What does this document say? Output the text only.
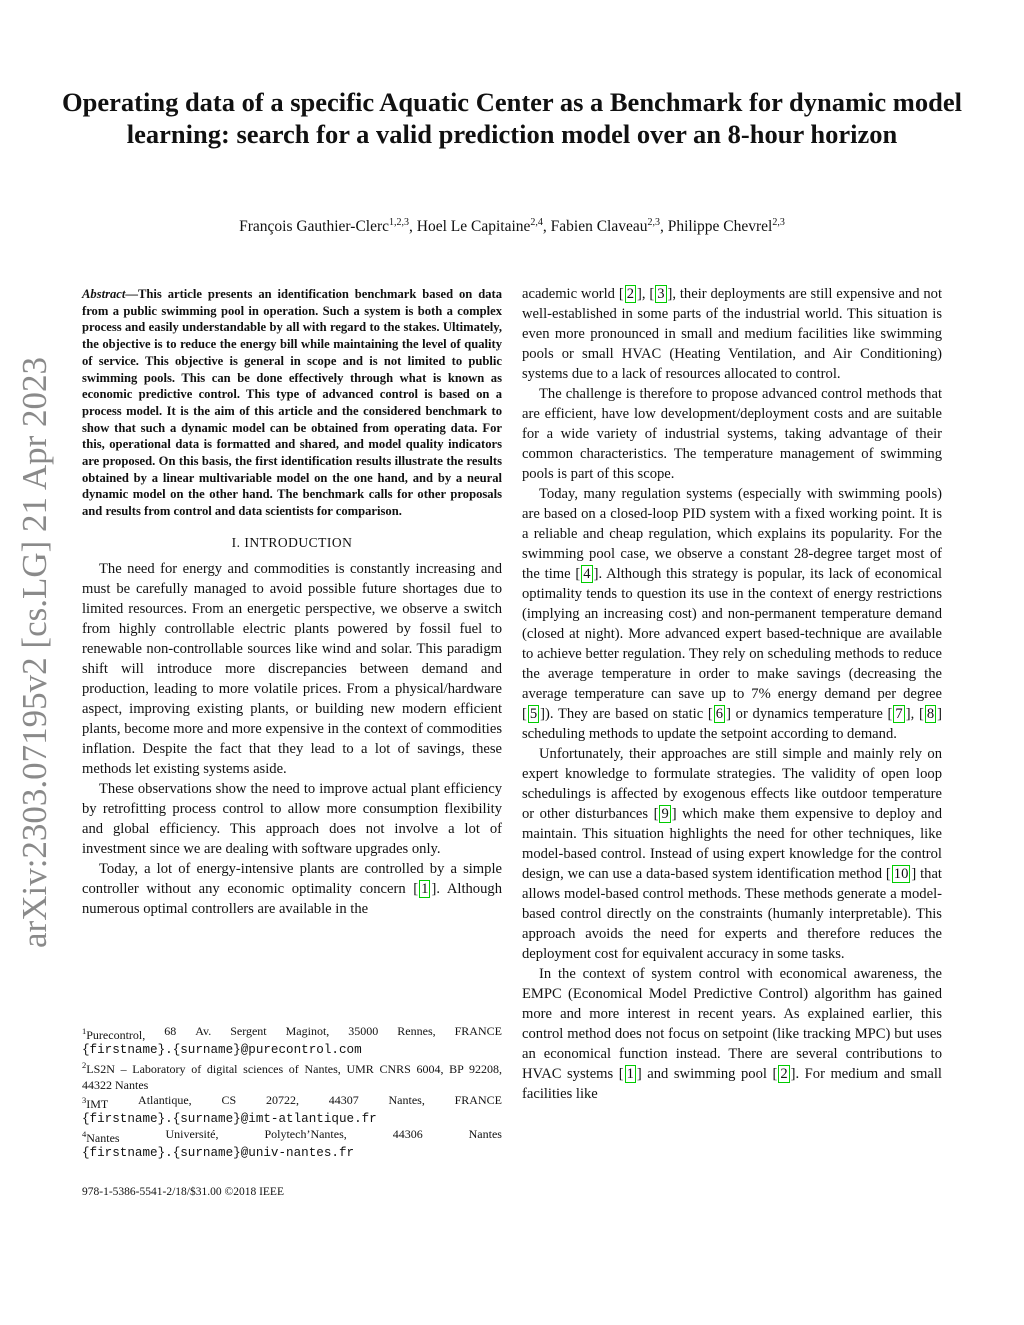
arXiv:2303.07195v2 [cs.LG] 21 Apr 2023
Operating data of a specific Aquatic Center as a Benchmark for dynamic model learning: search for a valid prediction model over an 8-hour horizon
François Gauthier-Clerc$^{1,2,3}$, Hoel Le Capitaine$^{2,4}$, Fabien Claveau$^{2,3}$, Philippe Chevrel$^{2,3}$
Abstract—This article presents an identification benchmark based on data from a public swimming pool in operation. Such a system is both a complex process and easily understandable by all with regard to the stakes. Ultimately, the objective is to reduce the energy bill while maintaining the level of quality of service. This objective is general in scope and is not limited to public swimming pools. This can be done effectively through what is known as economic predictive control. This type of advanced control is based on a process model. It is the aim of this article and the considered benchmark to show that such a dynamic model can be obtained from operating data. For this, operational data is formatted and shared, and model quality indicators are proposed. On this basis, the first identification results illustrate the results obtained by a linear multivariable model on the one hand, and by a neural dynamic model on the other hand. The benchmark calls for other proposals and results from control and data scientists for comparison.
I. INTRODUCTION

The need for energy and commodities is constantly increasing and must be carefully managed to avoid possible future shortages due to limited resources. From an energetic perspective, we observe a switch from highly controllable electric plants powered by fossil fuel to renewable non-controllable sources like wind and solar. This paradigm shift will introduce more discrepancies between demand and production, leading to more volatile prices. From a physical/hardware aspect, improving existing plants, or building new modern efficient plants, become more and more expensive in the context of commodities inflation. Despite the fact that they lead to a lot of savings, these methods let existing systems aside.

These observations show the need to improve actual plant efficiency by retrofitting process control to allow more consumption flexibility and global efficiency. This approach does not involve a lot of investment since we are dealing with software upgrades only.

Today, a lot of energy-intensive plants are controlled by a simple controller without any economic optimality concern [ 1 ]. Although numerous optimal controllers are available in the

$^1$Purecontrol, 68 Av. Sergent Maginot, 35000 Rennes, FRANCE
{firstname}.{surname}@purecontrol.com
$^2$LS2N – Laboratory of digital sciences of Nantes, UMR CNRS 6004, BP 92208, 44322 Nantes
$^3$IMT Atlantique, CS 20722, 44307 Nantes, FRANCE
{firstname}.{surname}@imt-atlantique.fr
$^4$Nantes	Université,	Polytech’Nantes,	44306	Nantes
{firstname}.{surname}@univ-nantes.fr
978-1-5386-5541-2/18/$31.00 ©2018 IEEE

academic world [ 2 ], [ 3 ], their deployments are still expensive and not well-established in some parts of the industrial world. This situation is even more pronounced in small and medium facilities like swimming pools or small HVAC (Heating Ventilation, and Air Conditioning) systems due to a lack of resources allocated to control.

The challenge is therefore to propose advanced control methods that are efficient, have low development/deployment costs and are suitable for a wide variety of industrial systems, taking advantage of their common characteristics. The temperature management of swimming pools is part of this scope.

Today, many regulation systems (especially with swimming pools) are based on a closed-loop PID system with a fixed working point. It is a reliable and cheap regulation, which explains its popularity. For the swimming pool case, we observe a constant 28-degree target most of the time [ 4 ]. Although this strategy is popular, its lack of economical optimality tends to question its use in the context of energy restrictions (implying an increasing cost) and non-permanent temperature demand (closed at night). More advanced expert based-technique are available to achieve better regulation. They rely on scheduling methods to reduce the average temperature in order to make savings (decreasing the average temperature can save up to 7% energy demand per degree [ 5 ]). They are based on static [ 6 ] or dynamics temperature [ 7 ], [ 8 ] scheduling methods to update the setpoint according to demand.

Unfortunately, their approaches are still simple and mainly rely on expert knowledge to formulate strategies. The validity of open loop schedulings is affected by exogenous effects like outdoor temperature or other disturbances [ 9 ] which make them expensive to deploy and maintain. This situation highlights the need for other techniques, like model-based control. Instead of using expert knowledge for the control design, we can use a data-based system identification method [ 10 ] that allows model-based control methods. These methods generate a model-based control directly on the constraints (humanly interpretable). This approach avoids the need for experts and therefore reduces the deployment cost for equivalent accuracy in some tasks.

In the context of system control with economical awareness, the EMPC (Economical Model Predictive Control) algorithm has gained more and more interest in recent years. As explained earlier, this control method does not focus on setpoint (like tracking MPC) but uses an economical function instead. There are several contributions to HVAC systems [ 1 ] and swimming pool [ 2 ]. For medium and small facilities like
